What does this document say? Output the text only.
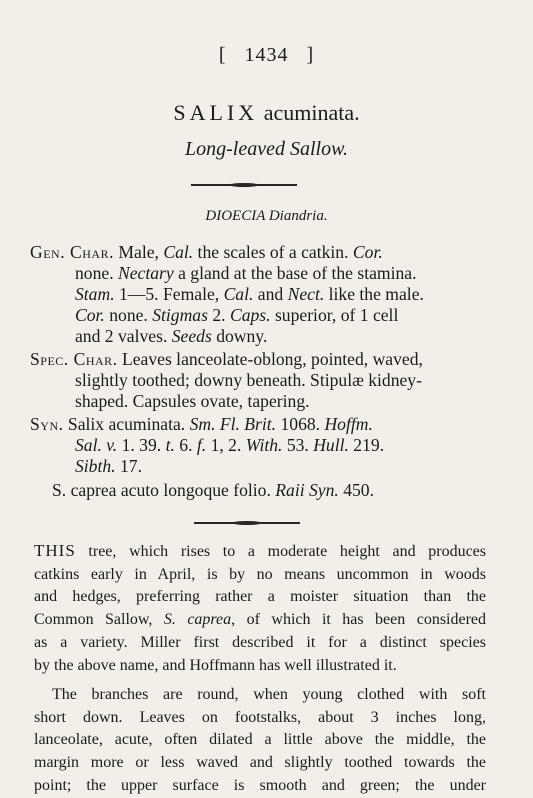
[ 1434 ]
SALIX acuminata.
Long-leaved Sallow.
DIOECIA Diandria.
Gen. Char. Male, Cal. the scales of a catkin. Cor.
none. Nectary a gland at the base of the stamina.
Stam. 1—5. Female, Cal. and Nect. like the male.
Cor. none. Stigmas 2. Caps. superior, of 1 cell
and 2 valves. Seeds downy.
Spec. Char. Leaves lanceolate-oblong, pointed, waved,
slightly toothed; downy beneath. Stipulæ kidney-
shaped. Capsules ovate, tapering.
Syn. Salix acuminata. Sm. Fl. Brit. 1068. Hoffm.
Sal. v. 1. 39. t. 6. f. 1, 2. With. 53. Hull. 219.
Sibth. 17.
S. caprea acuto longoque folio. Raii Syn. 450.
THIS tree, which rises to a moderate height and produces
catkins early in April, is by no means uncommon in woods
and hedges, preferring rather a moister situation than the
Common Sallow, S. caprea, of which it has been considered
as a variety. Miller first described it for a distinct species
by the above name, and Hoffmann has well illustrated it.
The branches are round, when young clothed with soft
short down. Leaves on footstalks, about 3 inches long,
lanceolate, acute, often dilated a little above the middle, the
margin more or less waved and slightly toothed towards the
point; the upper surface is smooth and green; the under
